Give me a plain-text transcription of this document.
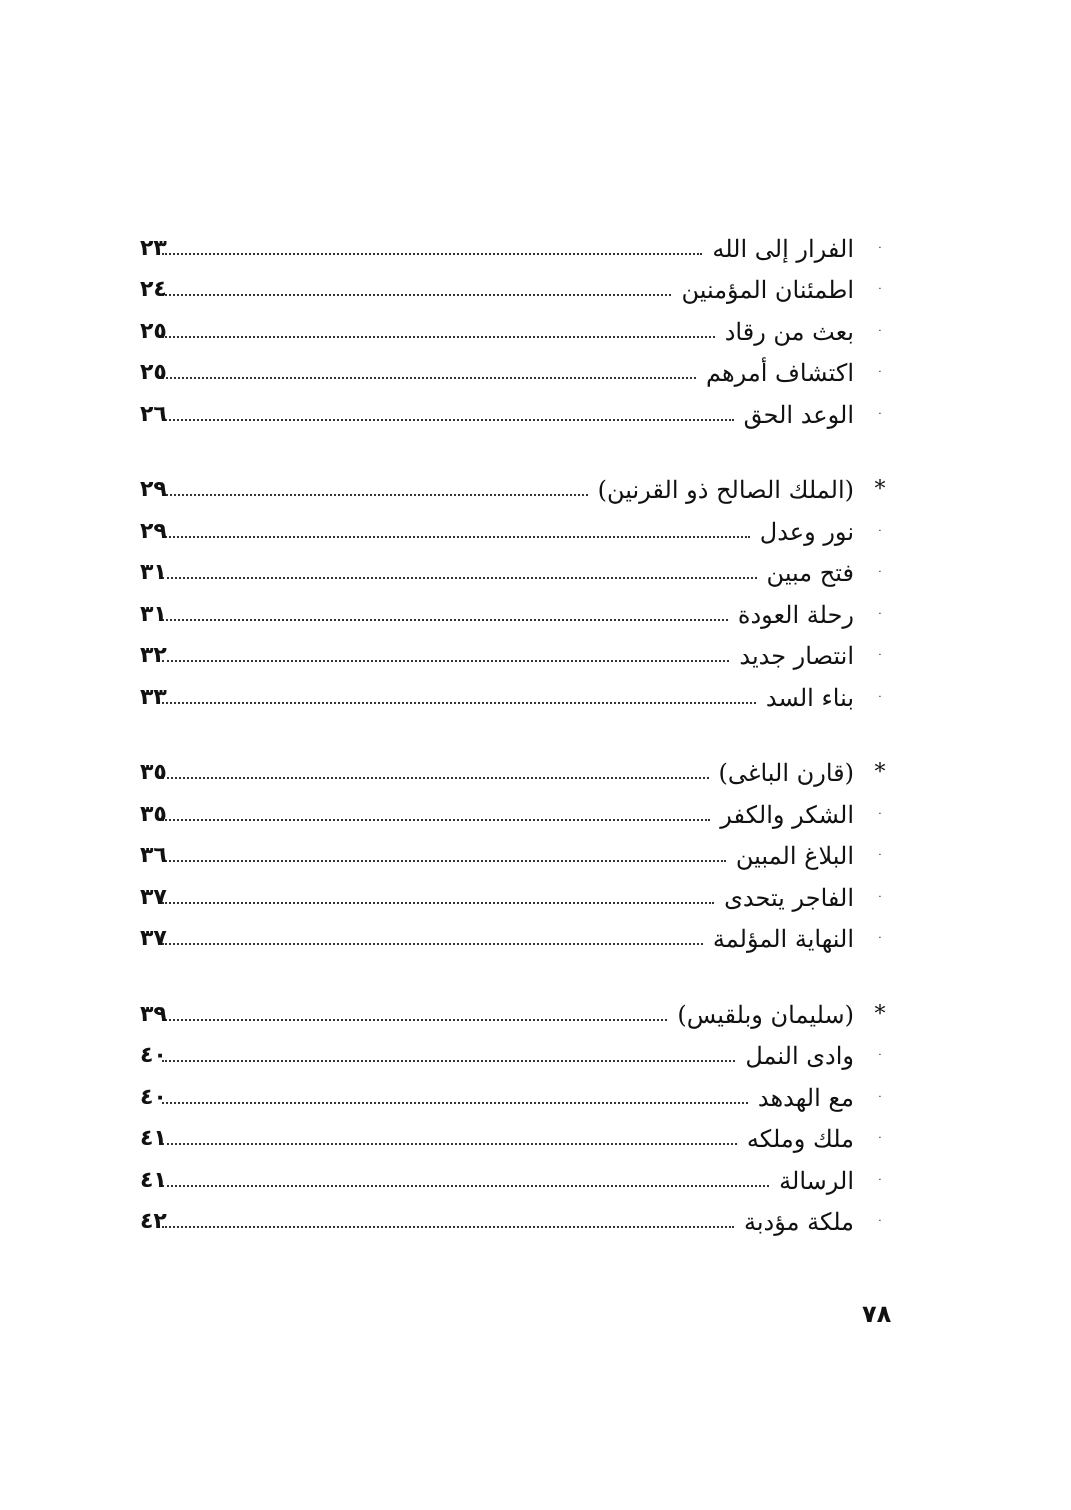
·
الفرار إلى الله
٢٣
·
اطمئنان المؤمنين
٢٤
·
بعث من رقاد
٢٥
·
اكتشاف أمرهم
٢٥
·
الوعد الحق
٢٦
*
(الملك الصالح ذو القرنين)
٢٩
·
نور وعدل
٢٩
·
فتح مبين
٣١
·
رحلة العودة
٣١
·
انتصار جديد
٣٢
·
بناء السد
٣٣
*
(قارن الباغى)
٣٥
·
الشكر والكفر
٣٥
·
البلاغ المبين
٣٦
·
الفاجر يتحدى
٣٧
·
النهاية المؤلمة
٣٧
*
(سليمان وبلقيس)
٣٩
·
وادى النمل
٤٠
·
مع الهدهد
٤٠
·
ملك وملكه
٤١
·
الرسالة
٤١
·
ملكة مؤدبة
٤٢
٧٨
